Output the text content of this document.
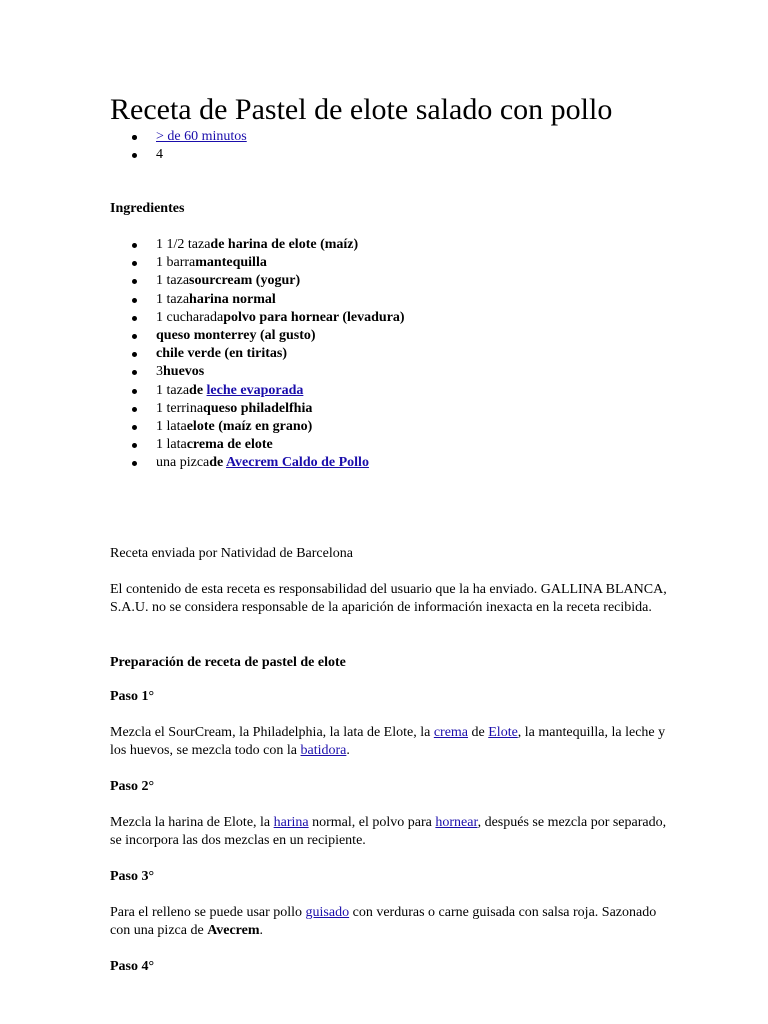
Receta de Pastel de elote salado con pollo
> de 60 minutos
4
Ingredientes
1 1/2 tazade harina de elote (maíz)
1 barramantequilla
1 tazasourcream (yogur)
1 tazaharina normal
1 cucharadapolvo para hornear (levadura)
queso monterrey (al gusto)
chile verde (en tiritas)
3huevos
1 tazade leche evaporada
1 terrinaqueso philadelfhia
1 lataelote (maíz en grano)
1 latacrema de elote
una pizcade Avecrem Caldo de Pollo

Receta enviada por Natividad de Barcelona

El contenido de esta receta es responsabilidad del usuario que la ha enviado. GALLINA BLANCA, S.A.U. no se considera responsable de la aparición de información inexacta en la receta recibida.

Preparación de receta de pastel de elote

Paso 1°

Mezcla el SourCream, la Philadelphia, la lata de Elote, la crema de Elote, la mantequilla, la leche y los huevos, se mezcla todo con la batidora.

Paso 2°

Mezcla la harina de Elote, la harina normal, el polvo para hornear, después se mezcla por separado, se incorpora las dos mezclas en un recipiente.

Paso 3°

Para el relleno se puede usar pollo guisado con verduras o carne guisada con salsa roja. Sazonado con una pizca de Avecrem.

Paso 4°
